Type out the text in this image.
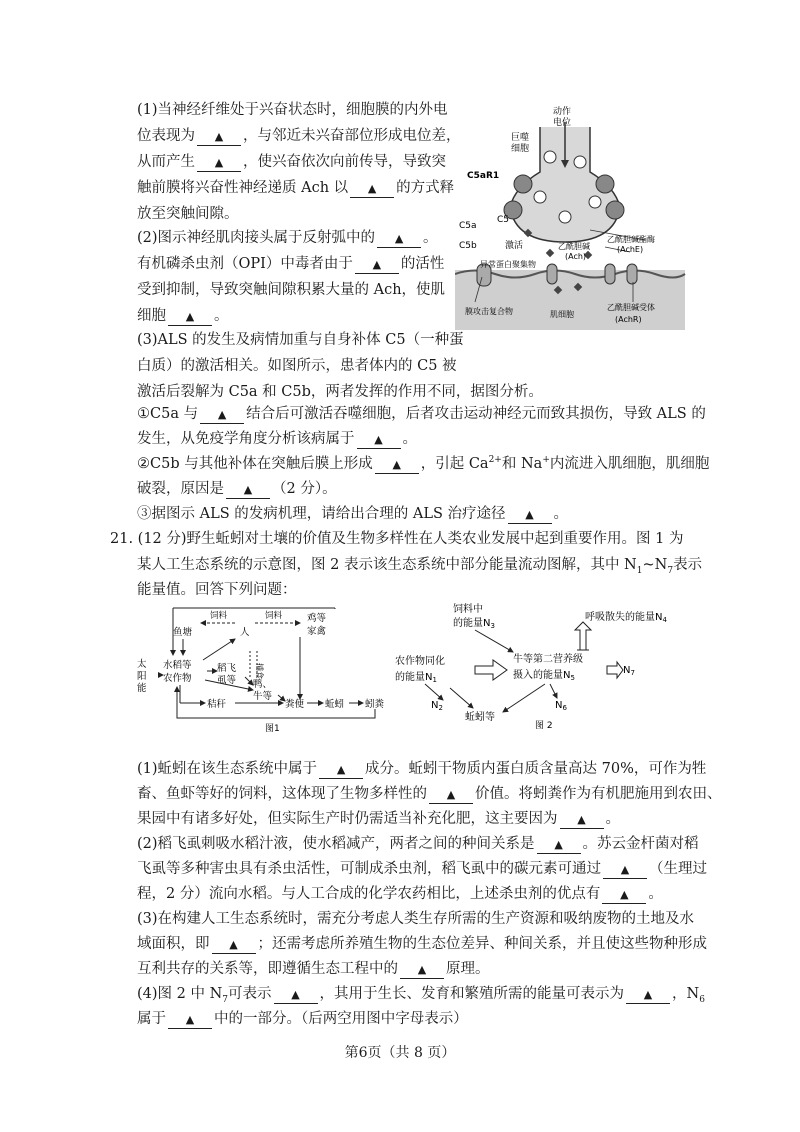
(1)当神经纤维处于兴奋状态时，细胞膜的内外电
位表现为 ▲ ，与邻近未兴奋部位形成电位差，
从而产生 ▲ ，使兴奋依次向前传导，导致突
触前膜将兴奋性神经递质 Ach 以 ▲ 的方式释
放至突触间隙。
(2)图示神经肌肉接头属于反射弧中的 ▲ 。
有机磷杀虫剂（OPI）中毒者由于 ▲ 的活性
受到抑制，导致突触间隙积累大量的 Ach，使肌
细胞 ▲ 。
(3)ALS 的发生及病情加重与自身补体 C5（一种蛋
白质）的激活相关。如图所示，患者体内的 C5 被
激活后裂解为 C5a 和 C5b，两者发挥的作用不同，据图分析。
①C5a 与 ▲ 结合后可激活吞噬细胞，后者攻击运动神经元而致其损伤，导致 ALS 的
发生，从免疫学角度分析该病属于 ▲ 。
②C5b 与其他补体在突触后膜上形成 ▲ ，引起 $Ca^{2+}$和 Na+内流进入肌细胞，肌细胞
破裂，原因是 ▲ （2 分）。
③据图示 ALS 的发病机理，请给出合理的 ALS 治疗途径 ▲ 。
动作
电位
巨噬
细胞
C5aR1
C5a
C5
C5b	激活
乙酰胆碱酯酶
(AchE)
乙酰胆碱
(Ach)
异常蛋白聚集物
膜攻击复合物	肌细胞
乙酰胆碱受体
(AchR)
21. (12 分)野生蚯蚓对土壤的价值及生物多样性在人类农业发展中起到重要作用。图 1 为
某人工生态系统的示意图，图 2 表示该生态系统中部分能量流动图解，其中 $N_1\sim N_7$表示
能量值。回答下列问题：
鱼塘	人
鸡等
家禽
太
阳
能
水稻等
农作物
稻飞
虱等 鸭、
牛等
秸秆	粪便 蚯蚓 蚓粪
饲料	饲料
捕食
图1
饲料中
的能量$N_3$
农作物同化
的能量$N_1$
牛等第二营养级
摄入的能量$N_5$
呼吸散失的能量$N_4$
$N_7$
$N_2$
蚯蚓等
$N_6$
图 2
(1)蚯蚓在该生态系统中属于 ▲ 成分。蚯蚓干物质内蛋白质含量高达 70%，可作为牲
畜、鱼虾等好的饲料，这体现了生物多样性的 ▲ 价值。将蚓粪作为有机肥施用到农田、
果园中有诸多好处，但实际生产时仍需适当补充化肥，这主要因为 ▲ 。
(2)稻飞虱刺吸水稻汁液，使水稻减产，两者之间的种间关系是 ▲ 。苏云金杆菌对稻
飞虱等多种害虫具有杀虫活性，可制成杀虫剂，稻飞虱中的碳元素可通过 ▲ （生理过
程，2 分）流向水稻。与人工合成的化学农药相比，上述杀虫剂的优点有 ▲ 。
(3)在构建人工生态系统时，需充分考虑人类生存所需的生产资源和吸纳废物的土地及水
域面积，即 ▲ ；还需考虑所养殖生物的生态位差异、种间关系，并且使这些物种形成
互利共存的关系等，即遵循生态工程中的 ▲ 原理。
(4)图 2 中 $N_7$可表示 ▲ ，其用于生长、发育和繁殖所需的能量可表示为 ▲ ，$N_6$
属于 ▲ 中的一部分。（后两空用图中字母表示）
第6页（共 8 页）
